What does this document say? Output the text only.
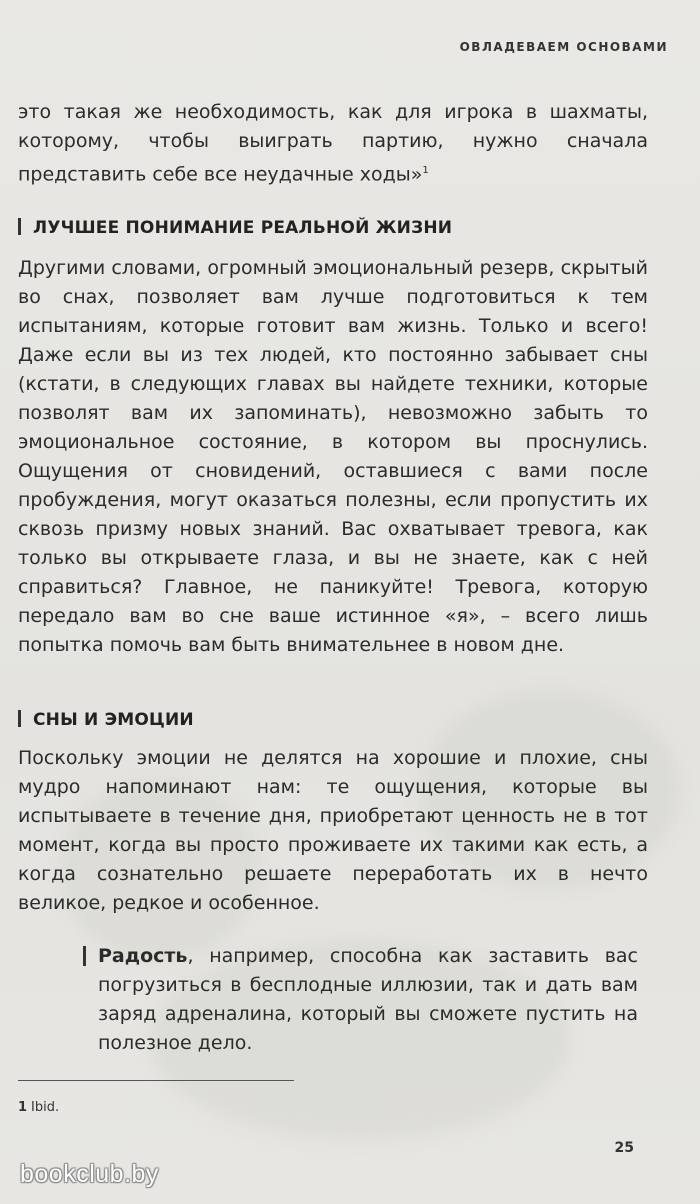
ОВЛАДЕВАЕМ ОСНОВАМИ

это такая же необходимость, как для игрока в шахматы, которому, чтобы выиграть партию, нужно сначала представить себе все неудачные ходы»$^1$

ЛУЧШЕЕ ПОНИМАНИЕ РЕАЛЬНОЙ ЖИЗНИ

Другими словами, огромный эмоциональный резерв, скрытый во снах, позволяет вам лучше подготовиться к тем испытаниям, которые готовит вам жизнь. Только и всего! Даже если вы из тех людей, кто постоянно забывает сны (кстати, в следующих главах вы найдете техники, которые позволят вам их запоминать), невозможно забыть то эмоциональное состояние, в котором вы проснулись. Ощущения от сновидений, оставшиеся с вами после пробуждения, могут оказаться полезны, если пропустить их сквозь призму новых знаний. Вас охватывает тревога, как только вы открываете глаза, и вы не знаете, как с ней справиться? Главное, не паникуйте! Тревога, которую передало вам во сне ваше истинное «я», – всего лишь попытка помочь вам быть внимательнее в новом дне.

СНЫ И ЭМОЦИИ

Поскольку эмоции не делятся на хорошие и плохие, сны мудро напоминают нам: те ощущения, которые вы испытываете в течение дня, приобретают ценность не в тот момент, когда вы просто проживаете их такими как есть, а когда сознательно решаете переработать их в нечто великое, редкое и особенное.

Радость, например, способна как заставить вас погрузиться в бесплодные иллюзии, так и дать вам заряд адреналина, который вы сможете пустить на полезное дело.

1 Ibid.
25
bookclub.by
